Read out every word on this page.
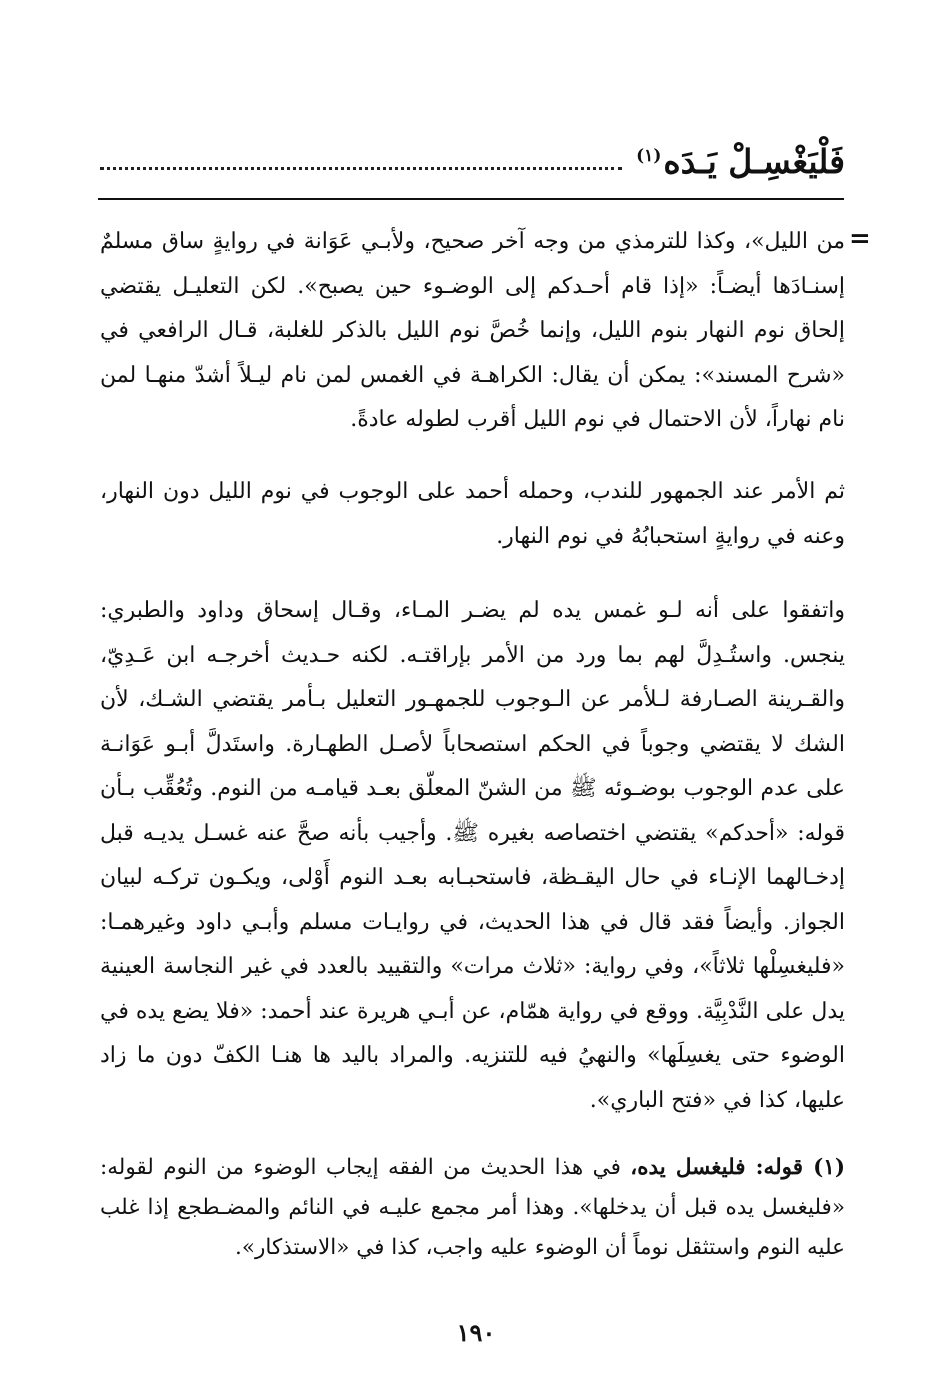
فَلْيَغْسِـلْ يَـدَه$^{(١)}$
=

من الليل»، وكذا للترمذي من وجه آخر صحيح، ولأبـي عَوَانة في روايةٍ ساق مسلمٌ إسنـادَها أيضـاً: «إذا قام أحـدكم إلى الوضـوء حين يصبح». لكن التعليـل يقتضي إلحاق نوم النهار بنوم الليل، وإنما خُصَّ نوم الليل بالذكر للغلبة، قـال الرافعي في «شرح المسند»: يمكن أن يقال: الكراهـة في الغمس لمن نام ليـلاً أشدّ منهـا لمن نام نهاراً، لأن الاحتمال في نوم الليل أقرب لطوله عادةً.

ثم الأمر عند الجمهور للندب، وحمله أحمد على الوجوب في نوم الليل دون النهار، وعنه في روايةٍ استحبابُهُ في نوم النهار.

واتفقوا على أنه لـو غمس يده لم يضـر المـاء، وقـال إسحاق وداود والطبري: ينجس. واستُـدِلَّ لهم بما ورد من الأمر بإراقتـه. لكنه حـديث أخرجـه ابن عَـدِيّ، والقـرينة الصـارفة لـلأمر عن الـوجوب للجمهـور التعليل بـأمر يقتضي الشـك، لأن الشك لا يقتضي وجوباً في الحكم استصحاباً لأصـل الطهـارة. واستَدلَّ أبـو عَوَانـة على عدم الوجوب بوضـوئه ﷺ من الشنّ المعلّق بعـد قيامـه من النوم. وتُعُقِّب بـأن قوله: «أحدكم» يقتضي اختصاصه بغيره ﷺ. وأجيب بأنه صحَّ عنه غسـل يديـه قبل إدخـالهما الإنـاء في حال اليقـظة، فاستحبـابه بعـد النوم أَوْلى، ويكـون تركـه لبيان الجواز. وأيضاً فقد قال في هذا الحديث، في روايـات مسلم وأبـي داود وغيرهمـا: «فليغسِلْها ثلاثاً»، وفي رواية: «ثلاث مرات» والتقييد بالعدد في غير النجاسة العينية يدل على النَّدْبِيَّة. ووقع في رواية همّام، عن أبـي هريرة عند أحمد: «فلا يضع يده في الوضوء حتى يغسِلَها» والنهيُ فيه للتنزيه. والمراد باليد ها هنـا الكفّ دون ما زاد عليها، كذا في «فتح الباري».

(١) قوله: فليغسل يده، في هذا الحديث من الفقه إيجاب الوضوء من النوم لقوله: «فليغسل يده قبل أن يدخلها». وهذا أمر مجمع عليـه في النائم والمضـطجع إذا غلب عليه النوم واستثقل نوماً أن الوضوء عليه واجب، كذا في «الاستذكار».

١٩٠
